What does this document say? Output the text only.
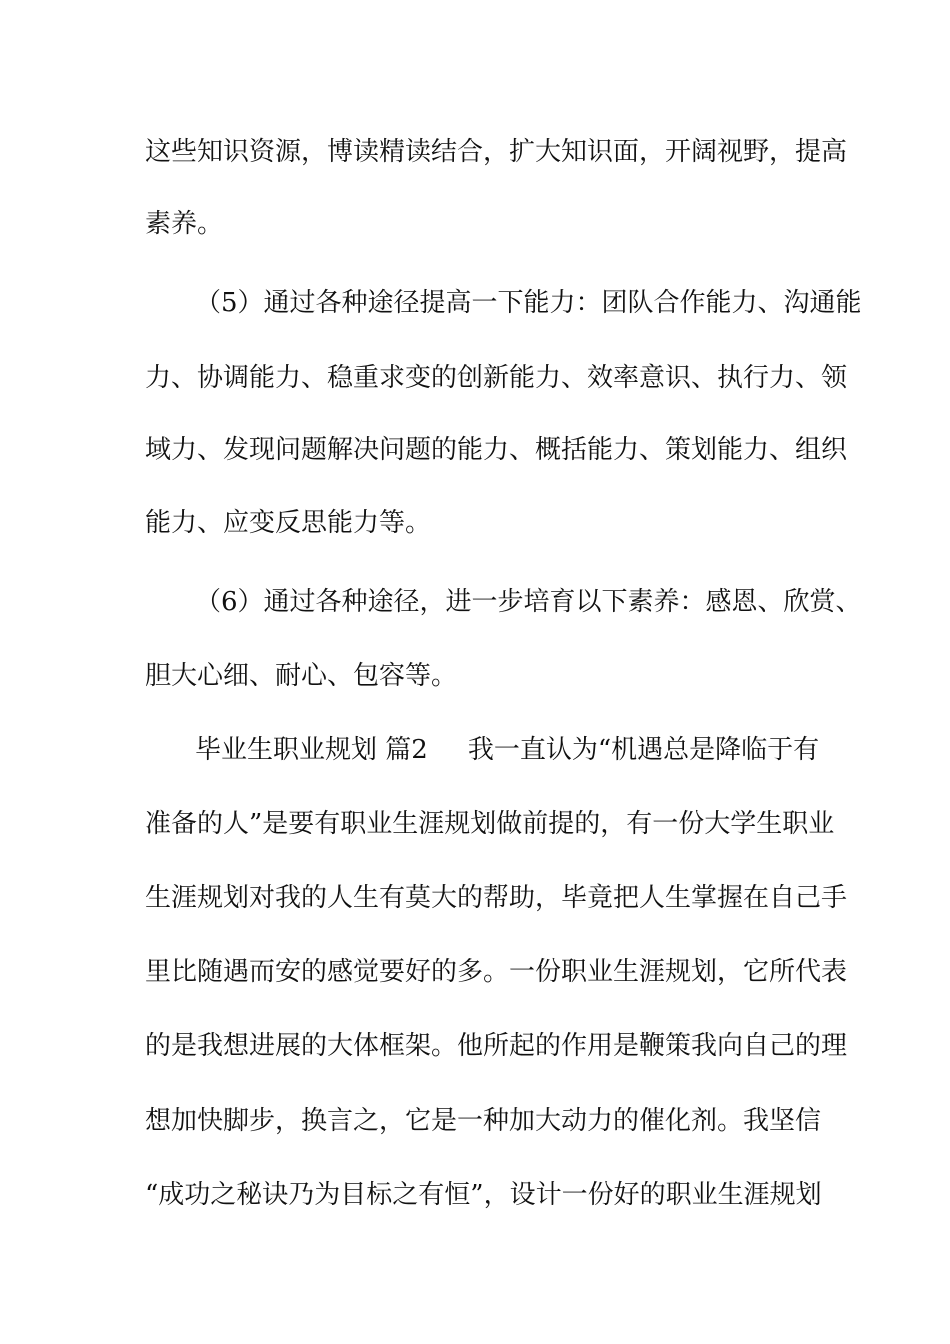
这些知识资源，博读精读结合，扩大知识面，开阔视野，提高
素养。
（5）通过各种途径提高一下能力：团队合作能力、沟通能
力、协调能力、稳重求变的创新能力、效率意识、执行力、领
域力、发现问题解决问题的能力、概括能力、策划能力、组织
能力、应变反思能力等。
（6）通过各种途径，进一步培育以下素养：感恩、欣赏、
胆大心细、耐心、包容等。
毕业生职业规划 篇2 我一直认为“机遇总是降临于有
准备的人”是要有职业生涯规划做前提的，有一份大学生职业
生涯规划对我的人生有莫大的帮助，毕竟把人生掌握在自己手
里比随遇而安的感觉要好的多。一份职业生涯规划，它所代表
的是我想进展的大体框架。他所起的作用是鞭策我向自己的理
想加快脚步，换言之，它是一种加大动力的催化剂。我坚信
“成功之秘诀乃为目标之有恒”，设计一份好的职业生涯规划
